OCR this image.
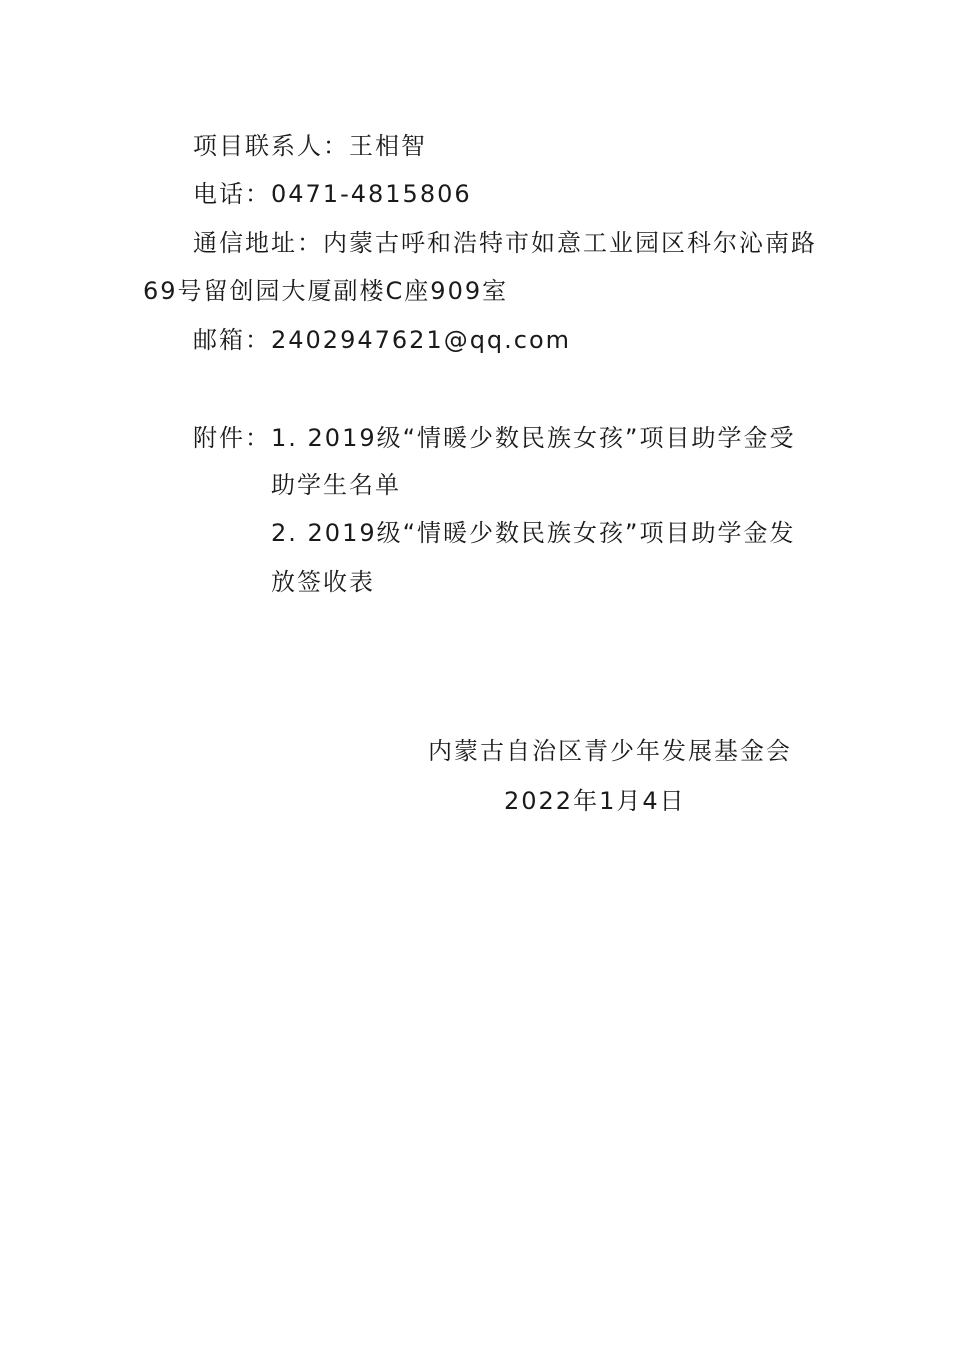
项目联系人：王相智
电话：0471-4815806
通信地址：内蒙古呼和浩特市如意工业园区科尔沁南路
69号留创园大厦副楼C座909室
邮箱：2402947621@qq.com
附件：1. 2019级“情暖少数民族女孩”项目助学金受
助学生名单
2. 2019级“情暖少数民族女孩”项目助学金发
放签收表
内蒙古自治区青少年发展基金会
2022年1月4日
